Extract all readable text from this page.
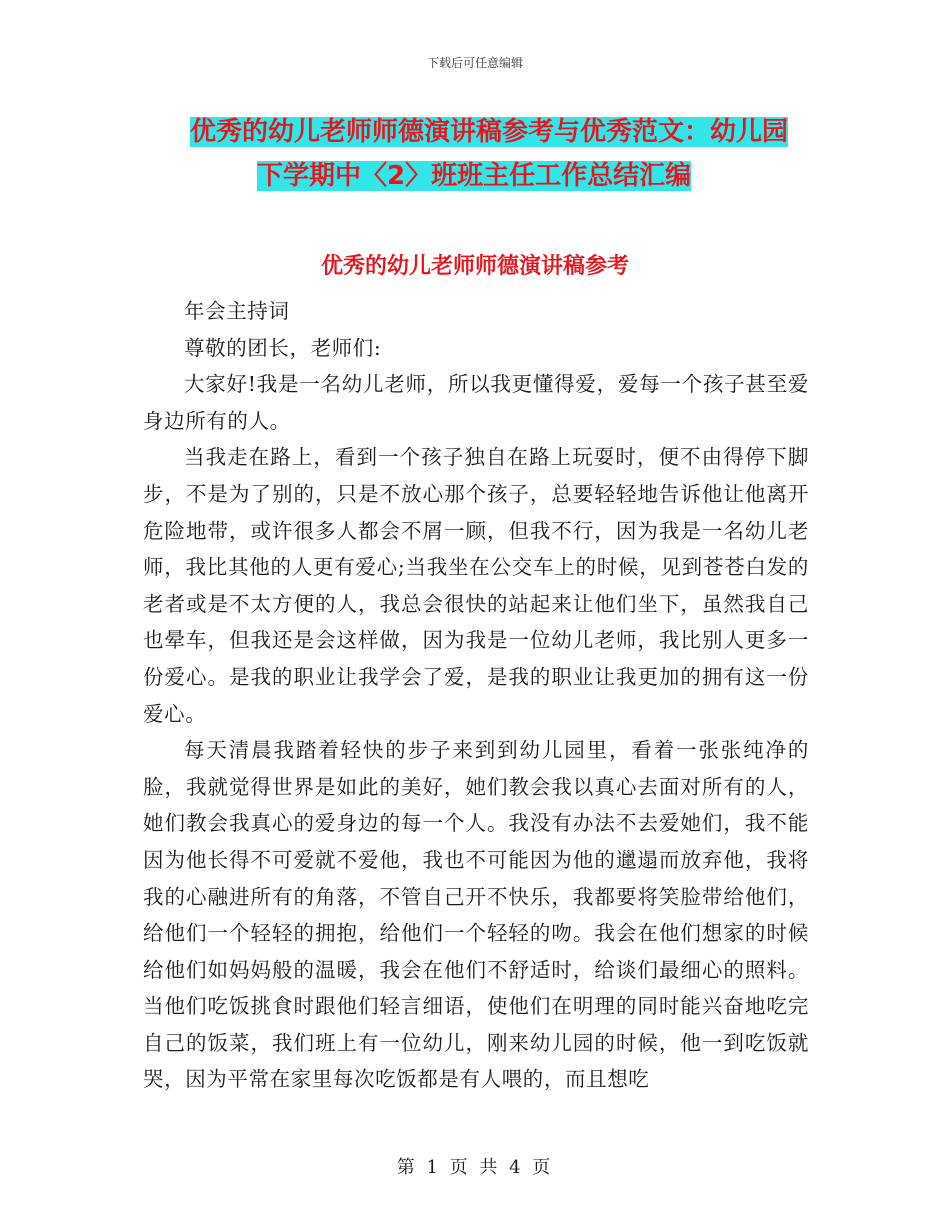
下载后可任意编辑
优秀的幼儿老师师德演讲稿参考与优秀范文：幼儿园
下学期中〈2〉班班主任工作总结汇编
优秀的幼儿老师师德演讲稿参考

年会主持词

尊敬的团长，老师们:

大家好!我是一名幼儿老师，所以我更懂得爱，爱每一个孩子甚至爱身边所有的人。

当我走在路上，看到一个孩子独自在路上玩耍时，便不由得停下脚步，不是为了别的，只是不放心那个孩子，总要轻轻地告诉他让他离开危险地带，或许很多人都会不屑一顾，但我不行，因为我是一名幼儿老师，我比其他的人更有爱心;当我坐在公交车上的时候，见到苍苍白发的老者或是不太方便的人，我总会很快的站起来让他们坐下，虽然我自己也晕车，但我还是会这样做，因为我是一位幼儿老师，我比别人更多一份爱心。是我的职业让我学会了爱，是我的职业让我更加的拥有这一份爱心。

每天清晨我踏着轻快的步子来到到幼儿园里，看着一张张纯净的脸，我就觉得世界是如此的美好，她们教会我以真心去面对所有的人，她们教会我真心的爱身边的每一个人。我没有办法不去爱她们，我不能因为他长得不可爱就不爱他，我也不可能因为他的邋遢而放弃他，我将我的心融进所有的角落，不管自己开不快乐，我都要将笑脸带给他们，给他们一个轻轻的拥抱，给他们一个轻轻的吻。我会在他们想家的时候给他们如妈妈般的温暖，我会在他们不舒适时，给谈们最细心的照料。当他们吃饭挑食时跟他们轻言细语，使他们在明理的同时能兴奋地吃完自己的饭菜，我们班上有一位幼儿，刚来幼儿园的时候，他一到吃饭就哭，因为平常在家里每次吃饭都是有人喂的，而且想吃

第 1 页 共 4 页
